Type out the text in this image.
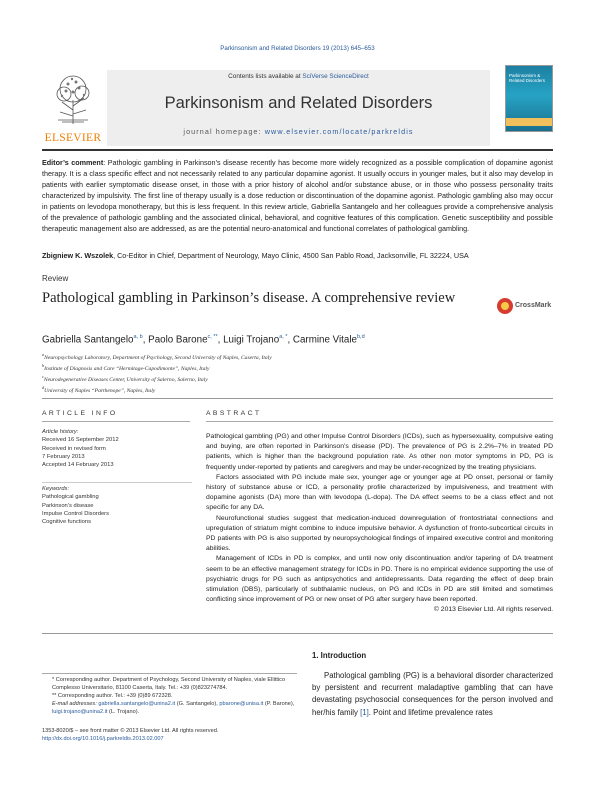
Parkinsonism and Related Disorders 19 (2013) 645–653
ELSEVIER
Contents lists available at SciVerse ScienceDirect
Parkinsonism and Related Disorders
journal homepage: www.elsevier.com/locate/parkreldis
Parkinsonism & Related Disorders
Editor’s comment: Pathologic gambling in Parkinson’s disease recently has become more widely recognized as a possible complication of dopamine agonist therapy. It is a class specific effect and not necessarily related to any particular dopamine agonist. It usually occurs in younger males, but it also may develop in patients with earlier symptomatic disease onset, in those with a prior history of alcohol and/or substance abuse, or in those who possess personality traits characterized by impulsivity. The first line of therapy usually is a dose reduction or discontinuation of the dopamine agonist. Pathologic gambling also may occur in patients on levodopa monotherapy, but this is less frequent. In this review article, Gabriella Santangelo and her colleagues provide a comprehensive analysis of the prevalence of pathologic gambling and the associated clinical, behavioral, and cognitive features of this complication. Genetic susceptibility and possible therapeutic management also are addressed, as are the potential neuro-anatomical and functional correlates of pathological gambling.
Zbigniew K. Wszolek, Co-Editor in Chief, Department of Neurology, Mayo Clinic, 4500 San Pablo Road, Jacksonville, FL 32224, USA
Review
Pathological gambling in Parkinson’s disease. A comprehensive review	CrossMark
Gabriella Santangelo$^{a, b}$, Paolo Barone$^{c, **}$, Luigi Trojano$^{a, *}$, Carmine Vitale$^{b,d}$
$^a$Neuropsychology Laboratory, Department of Psychology, Second University of Naples, Caserta, Italy
$^b$Institute of Diagnosis and Care “Hermitage-Capodimonte”, Naples, Italy
$^c$Neurodegenerative Diseases Center, University of Salerno, Salerno, Italy
$^d$University of Naples “Parthenope”, Naples, Italy
ARTICLE INFO	ABSTRACT
Article history:
Received 16 September 2012
Received in revised form
7 February 2013
Accepted 14 February 2013
Keywords:
Pathological gambling
Parkinson’s disease
Impulse Control Disorders
Cognitive functions

Pathological gambling (PG) and other Impulse Control Disorders (ICDs), such as hypersexuality, compulsive eating and buying, are often reported in Parkinson’s disease (PD). The prevalence of PG is 2.2%–7% in treated PD patients, which is higher than the background population rate. As other non motor symptoms in PD, PG is frequently under-reported by patients and caregivers and may be under-recognized by the treating physicians.

Factors associated with PG include male sex, younger age or younger age at PD onset, personal or family history of substance abuse or ICD, a personality profile characterized by impulsiveness, and treatment with dopamine agonists (DA) more than with levodopa (L-dopa). The DA effect seems to be a class effect and not specific for any DA.

Neurofunctional studies suggest that medication-induced downregulation of frontostriatal connections and upregulation of striatum might combine to induce impulsive behavior. A dysfunction of fronto-subcortical circuits in PD patients with PG is also supported by neuropsychological findings of impaired executive control and monitoring abilities.

Management of ICDs in PD is complex, and until now only discontinuation and/or tapering of DA treatment seem to be an effective management strategy for ICDs in PD. There is no empirical evidence supporting the use of psychiatric drugs for PG such as antipsychotics and antidepressants. Data regarding the effect of deep brain stimulation (DBS), particularly of subthalamic nucleus, on PG and ICDs in PD are still limited and sometimes conflicting since improvement of PG or new onset of PG after surgery have been reported.

© 2013 Elsevier Ltd. All rights reserved.
* Corresponding author. Department of Psychology, Second University of Naples, viale Ellittico Complesso Universitario, 81100 Caserta, Italy. Tel.: +39 (0)823274784.
** Corresponding author. Tel.: +39 (0)89 672328.
E-mail addresses: gabriella.santangelo@unina2.it (G. Santangelo), pbarone@unisa.it (P. Barone), luigi.trojano@unina2.it (L. Trojano).
1353-8020/$ – see front matter © 2013 Elsevier Ltd. All rights reserved.
http://dx.doi.org/10.1016/j.parkreldis.2013.02.007
1. Introduction
Pathological gambling (PG) is a behavioral disorder characterized by persistent and recurrent maladaptive gambling that can have devastating psychosocial consequences for the person involved and her/his family [1]. Point and lifetime prevalence rates
